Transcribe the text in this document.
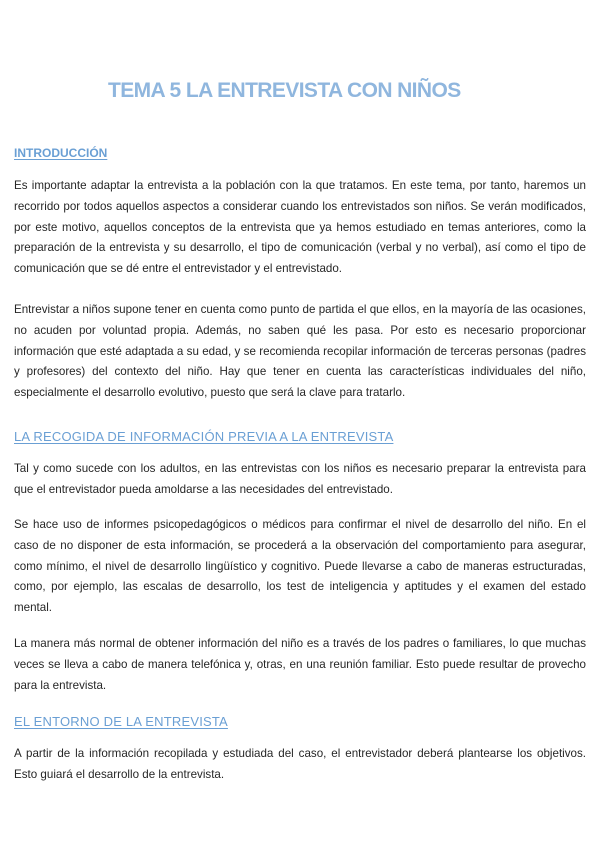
TEMA 5 LA ENTREVISTA CON NIÑOS
INTRODUCCIÓN

Es importante adaptar la entrevista a la población con la que tratamos. En este tema, por tanto, haremos un recorrido por todos aquellos aspectos a considerar cuando los entrevistados son niños. Se verán modificados, por este motivo, aquellos conceptos de la entrevista que ya hemos estudiado en temas anteriores, como la preparación de la entrevista y su desarrollo, el tipo de comunicación (verbal y no verbal), así como el tipo de comunicación que se dé entre el entrevistador y el entrevistado.

Entrevistar a niños supone tener en cuenta como punto de partida el que ellos, en la mayoría de las ocasiones, no acuden por voluntad propia. Además, no saben qué les pasa. Por esto es necesario proporcionar información que esté adaptada a su edad, y se recomienda recopilar información de terceras personas (padres y profesores) del contexto del niño. Hay que tener en cuenta las características individuales del niño, especialmente el desarrollo evolutivo, puesto que será la clave para tratarlo.

LA RECOGIDA DE INFORMACIÓN PREVIA A LA ENTREVISTA

Tal y como sucede con los adultos, en las entrevistas con los niños es necesario preparar la entrevista para que el entrevistador pueda amoldarse a las necesidades del entrevistado.

Se hace uso de informes psicopedagógicos o médicos para confirmar el nivel de desarrollo del niño. En el caso de no disponer de esta información, se procederá a la observación del comportamiento para asegurar, como mínimo, el nivel de desarrollo lingüístico y cognitivo. Puede llevarse a cabo de maneras estructuradas, como, por ejemplo, las escalas de desarrollo, los test de inteligencia y aptitudes y el examen del estado mental.

La manera más normal de obtener información del niño es a través de los padres o familiares, lo que muchas veces se lleva a cabo de manera telefónica y, otras, en una reunión familiar. Esto puede resultar de provecho para la entrevista.

EL ENTORNO DE LA ENTREVISTA

A partir de la información recopilada y estudiada del caso, el entrevistador deberá plantearse los objetivos. Esto guiará el desarrollo de la entrevista.
